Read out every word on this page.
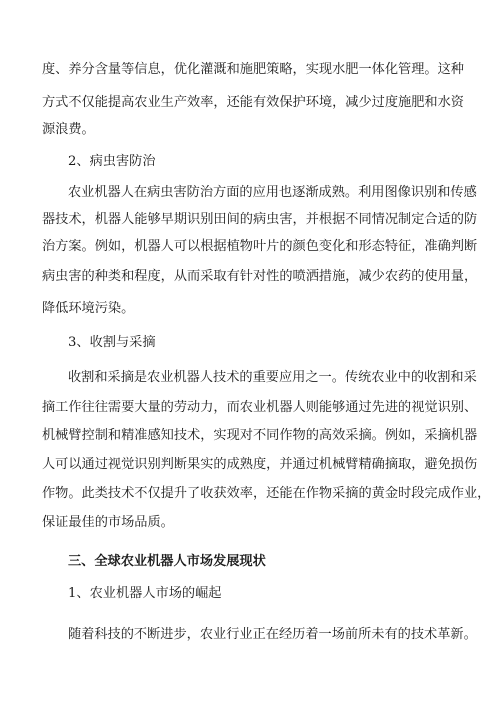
度、养分含量等信息，优化灌溉和施肥策略，实现水肥一体化管理。这种
方式不仅能提高农业生产效率，还能有效保护环境，减少过度施肥和水资
源浪费。
2、病虫害防治
农业机器人在病虫害防治方面的应用也逐渐成熟。利用图像识别和传感
器技术，机器人能够早期识别田间的病虫害，并根据不同情况制定合适的防
治方案。例如，机器人可以根据植物叶片的颜色变化和形态特征，准确判断
病虫害的种类和程度，从而采取有针对性的喷洒措施，减少农药的使用量，
降低环境污染。
3、收割与采摘
收割和采摘是农业机器人技术的重要应用之一。传统农业中的收割和采
摘工作往往需要大量的劳动力，而农业机器人则能够通过先进的视觉识别、
机械臂控制和精准感知技术，实现对不同作物的高效采摘。例如，采摘机器
人可以通过视觉识别判断果实的成熟度，并通过机械臂精确摘取，避免损伤
作物。此类技术不仅提升了收获效率，还能在作物采摘的黄金时段完成作业，
保证最佳的市场品质。
三、全球农业机器人市场发展现状
1、农业机器人市场的崛起
随着科技的不断进步，农业行业正在经历着一场前所未有的技术革新。
